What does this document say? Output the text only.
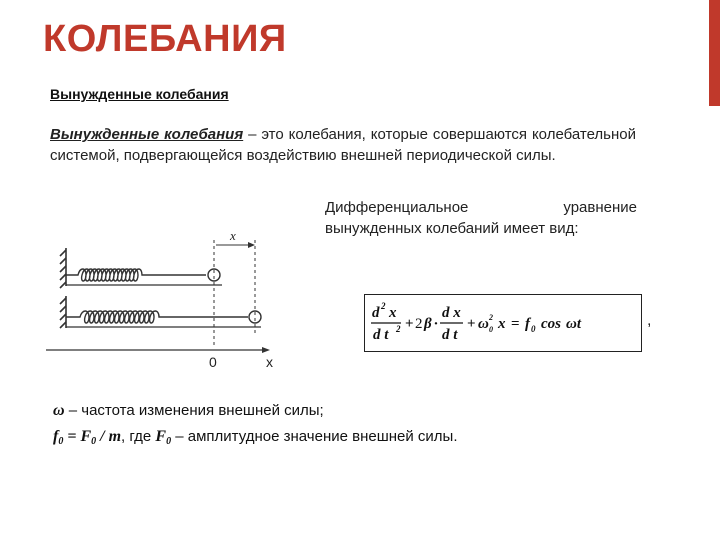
КОЛЕБАНИЯ
Вынужденные колебания

Вынужденные колебания – это колебания, которые совершаются колебательной системой, подвергающейся воздействию внешней периодической силы.

Дифференциальное уравнение вынужденных колебаний имеет вид:

x
0	x
d 2 x
d t 2 + 2 β ·
d x
d t
+ ω 0
2 x = f 0 cos ωt	,

ω – частота изменения внешней силы;

$f_0 = F_0 / m$, где $F_0$ – амплитудное значение внешней силы.
